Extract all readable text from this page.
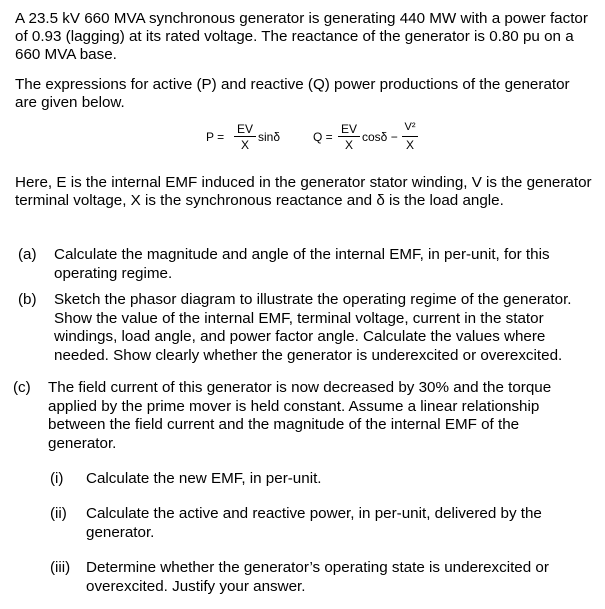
A 23.5 kV 660 MVA synchronous generator is generating 440 MW with a power factor
of 0.93 (lagging) at its rated voltage. The reactance of the generator is 0.80 pu on a
660 MVA base.
The expressions for active (P) and reactive (Q) power productions of the generator
are given below.
P =
EV
X
sinδ	Q =
EV
X
cosδ −
V²
X
Here, E is the internal EMF induced in the generator stator winding, V is the generator
terminal voltage, X is the synchronous reactance and δ is the load angle.
(a) Calculate the magnitude and angle of the internal EMF, in per-unit, for this
operating regime.
(b) Sketch the phasor diagram to illustrate the operating regime of the generator.
Show the value of the internal EMF, terminal voltage, current in the stator
windings, load angle, and power factor angle. Calculate the values where
needed. Show clearly whether the generator is underexcited or overexcited.
(c) The field current of this generator is now decreased by 30% and the torque
applied by the prime mover is held constant. Assume a linear relationship
between the field current and the magnitude of the internal EMF of the
generator.
(i) Calculate the new EMF, in per-unit.
(ii) Calculate the active and reactive power, in per-unit, delivered by the
generator.
(iii) Determine whether the generator’s operating state is underexcited or
overexcited. Justify your answer.
